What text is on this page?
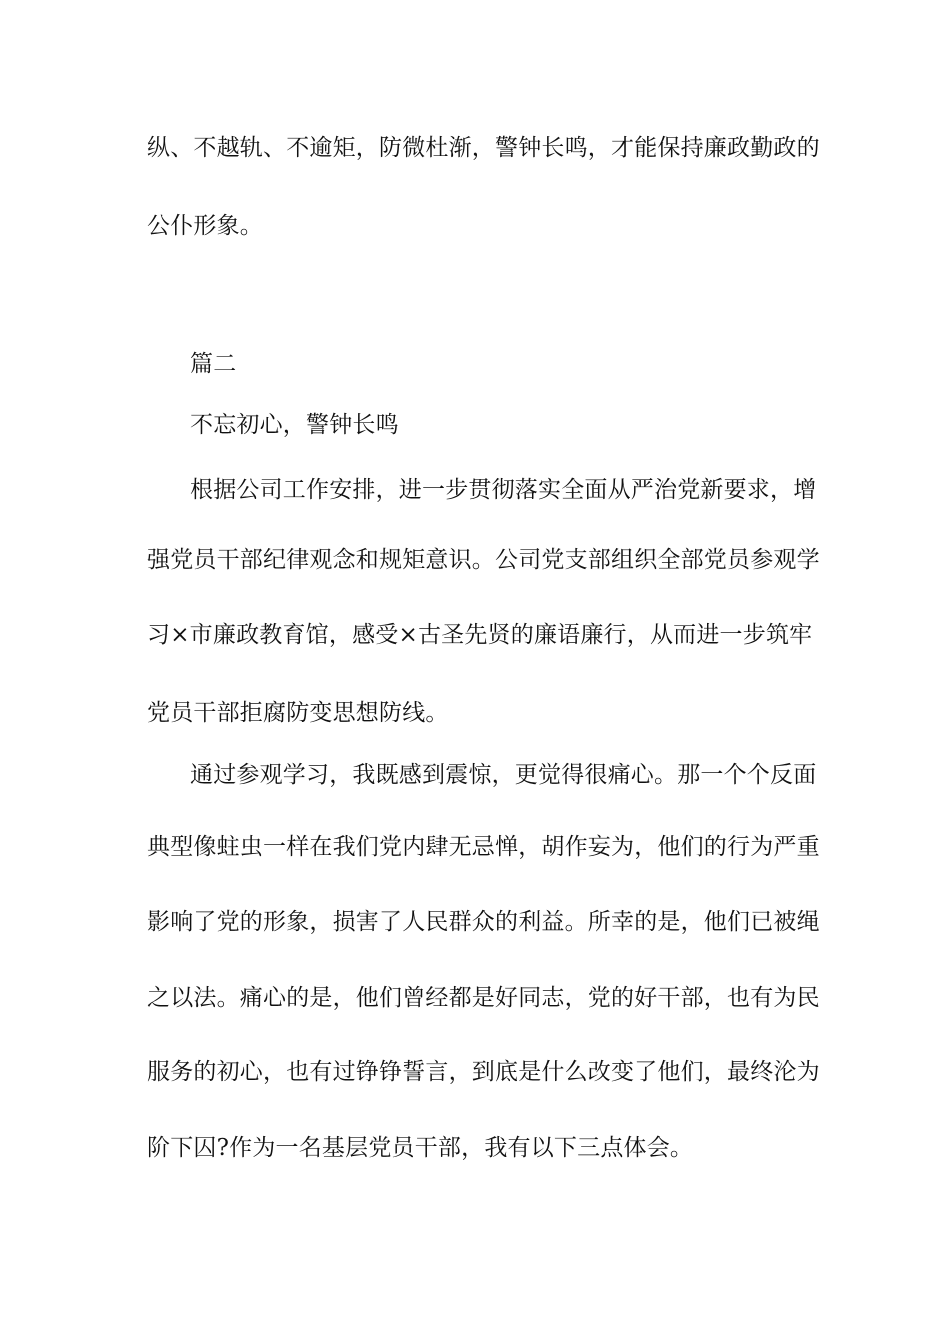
纵、不越轨、不逾矩，防微杜渐，警钟长鸣，才能保持廉政勤政的
公仆形象。
篇二
不忘初心，警钟长鸣
根据公司工作安排，进一步贯彻落实全面从严治党新要求，增
强党员干部纪律观念和规矩意识。公司党支部组织全部党员参观学
习×市廉政教育馆，感受×古圣先贤的廉语廉行，从而进一步筑牢
党员干部拒腐防变思想防线。
通过参观学习，我既感到震惊，更觉得很痛心。那一个个反面
典型像蛀虫一样在我们党内肆无忌惮，胡作妄为，他们的行为严重
影响了党的形象，损害了人民群众的利益。所幸的是，他们已被绳
之以法。痛心的是，他们曾经都是好同志，党的好干部，也有为民
服务的初心，也有过铮铮誓言，到底是什么改变了他们，最终沦为
阶下囚?作为一名基层党员干部，我有以下三点体会。
